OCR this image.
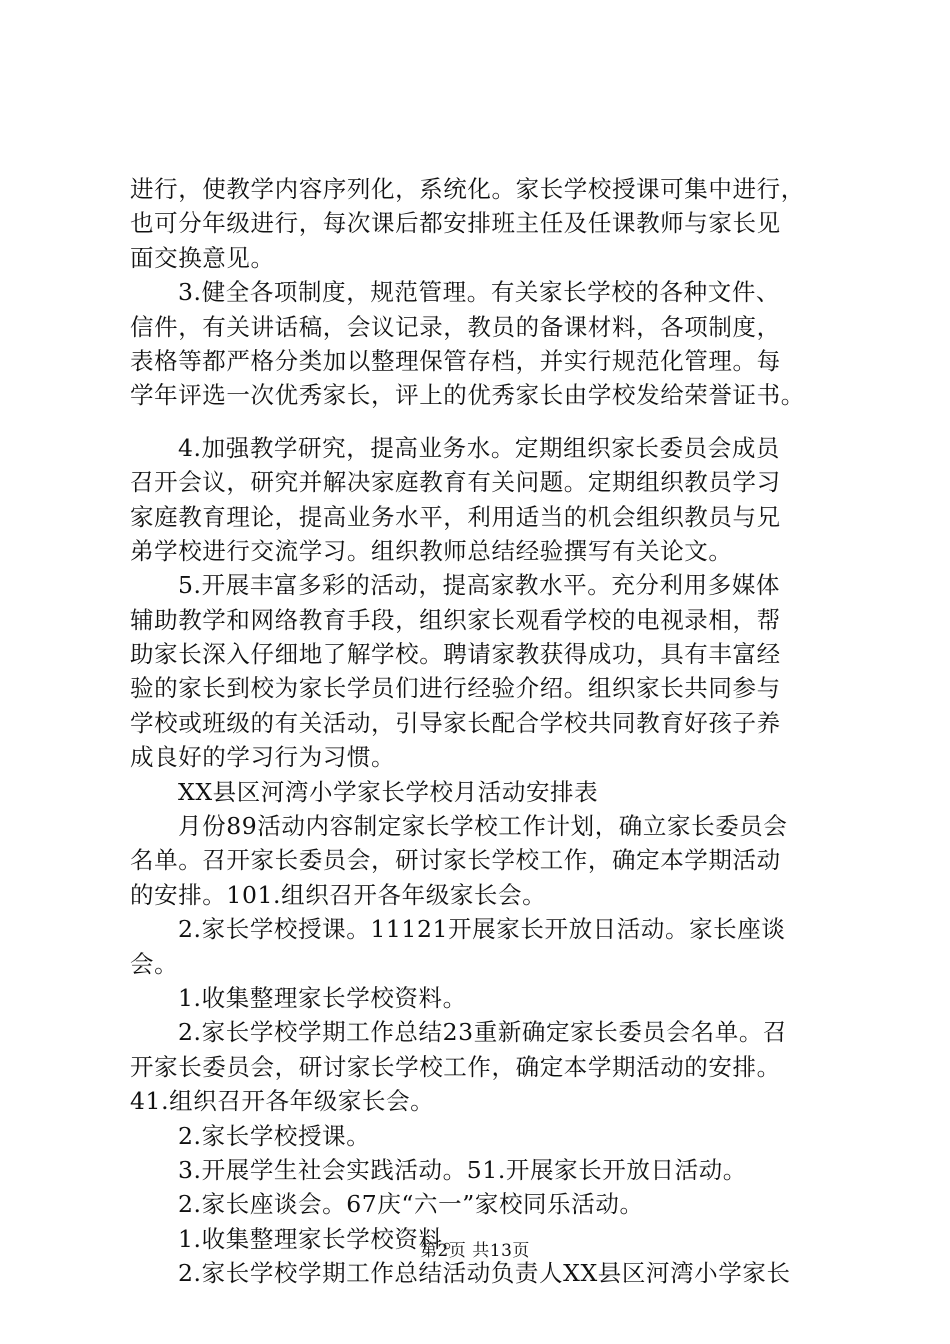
进行，使教学内容序列化，系统化。家长学校授课可集中进行，
也可分年级进行，每次课后都安排班主任及任课教师与家长见
面交换意见。
3.健全各项制度，规范管理。有关家长学校的各种文件、
信件，有关讲话稿，会议记录，教员的备课材料，各项制度，
表格等都严格分类加以整理保管存档，并实行规范化管理。每
学年评选一次优秀家长，评上的优秀家长由学校发给荣誉证书。
4.加强教学研究，提高业务水。定期组织家长委员会成员
召开会议，研究并解决家庭教育有关问题。定期组织教员学习
家庭教育理论，提高业务水平，利用适当的机会组织教员与兄
弟学校进行交流学习。组织教师总结经验撰写有关论文。
5.开展丰富多彩的活动，提高家教水平。充分利用多媒体
辅助教学和网络教育手段，组织家长观看学校的电视录相，帮
助家长深入仔细地了解学校。聘请家教获得成功，具有丰富经
验的家长到校为家长学员们进行经验介绍。组织家长共同参与
学校或班级的有关活动，引导家长配合学校共同教育好孩子养
成良好的学习行为习惯。
XX县区河湾小学家长学校月活动安排表
月份89活动内容制定家长学校工作计划，确立家长委员会
名单。召开家长委员会，研讨家长学校工作，确定本学期活动
的安排。101.组织召开各年级家长会。
2.家长学校授课。11121开展家长开放日活动。家长座谈
会。
1.收集整理家长学校资料。
2.家长学校学期工作总结23重新确定家长委员会名单。召
开家长委员会，研讨家长学校工作，确定本学期活动的安排。
41.组织召开各年级家长会。
2.家长学校授课。
3.开展学生社会实践活动。51.开展家长开放日活动。
2.家长座谈会。67庆“六一”家校同乐活动。
1.收集整理家长学校资料。
2.家长学校学期工作总结活动负责人XX县区河湾小学家长
第2页 共13页
